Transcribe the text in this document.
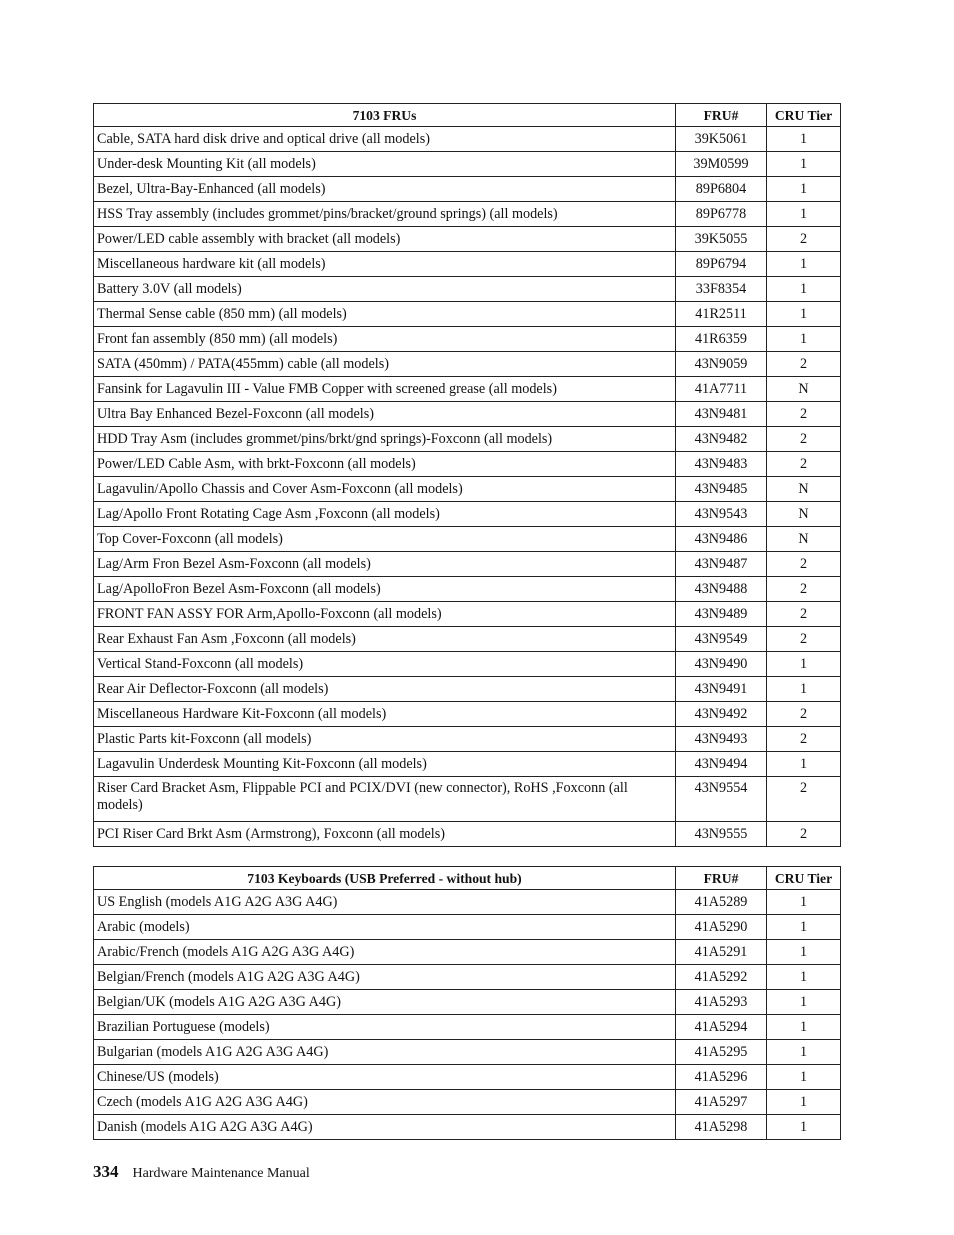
7103 FRUs	FRU#	CRU Tier
Cable, SATA hard disk drive and optical drive (all models)	39K5061	1
Under-desk Mounting Kit (all models)	39M0599	1
Bezel, Ultra-Bay-Enhanced (all models)	89P6804	1
HSS Tray assembly (includes grommet/pins/bracket/ground springs) (all models)	89P6778	1
Power/LED cable assembly with bracket (all models)	39K5055	2
Miscellaneous hardware kit (all models)	89P6794	1
Battery 3.0V (all models)	33F8354	1
Thermal Sense cable (850 mm) (all models)	41R2511	1
Front fan assembly (850 mm) (all models)	41R6359	1
SATA (450mm) / PATA(455mm) cable (all models)	43N9059	2
Fansink for Lagavulin III - Value FMB Copper with screened grease (all models)	41A7711	N
Ultra Bay Enhanced Bezel-Foxconn (all models)	43N9481	2
HDD Tray Asm (includes grommet/pins/brkt/gnd springs)-Foxconn (all models)	43N9482	2
Power/LED Cable Asm, with brkt-Foxconn (all models)	43N9483	2
Lagavulin/Apollo Chassis and Cover Asm-Foxconn (all models)	43N9485	N
Lag/Apollo Front Rotating Cage Asm ,Foxconn (all models)	43N9543	N
Top Cover-Foxconn (all models)	43N9486	N
Lag/Arm Fron Bezel Asm-Foxconn (all models)	43N9487	2
Lag/ApolloFron Bezel Asm-Foxconn (all models)	43N9488	2
FRONT FAN ASSY FOR Arm,Apollo-Foxconn (all models)	43N9489	2
Rear Exhaust Fan Asm ,Foxconn (all models)	43N9549	2
Vertical Stand-Foxconn (all models)	43N9490	1
Rear Air Deflector-Foxconn (all models)	43N9491	1
Miscellaneous Hardware Kit-Foxconn (all models)	43N9492	2
Plastic Parts kit-Foxconn (all models)	43N9493	2
Lagavulin Underdesk Mounting Kit-Foxconn (all models)	43N9494	1
Riser Card Bracket Asm, Flippable PCI and PCIX/DVI (new connector), RoHS ,Foxconn (all models)	43N9554	2
PCI Riser Card Brkt Asm (Armstrong), Foxconn (all models)	43N9555	2
7103 Keyboards (USB Preferred - without hub)	FRU#	CRU Tier
US English (models A1G A2G A3G A4G)	41A5289	1
Arabic (models)	41A5290	1
Arabic/French (models A1G A2G A3G A4G)	41A5291	1
Belgian/French (models A1G A2G A3G A4G)	41A5292	1
Belgian/UK (models A1G A2G A3G A4G)	41A5293	1
Brazilian Portuguese (models)	41A5294	1
Bulgarian (models A1G A2G A3G A4G)	41A5295	1
Chinese/US (models)	41A5296	1
Czech (models A1G A2G A3G A4G)	41A5297	1
Danish (models A1G A2G A3G A4G)	41A5298	1
334 Hardware Maintenance Manual
